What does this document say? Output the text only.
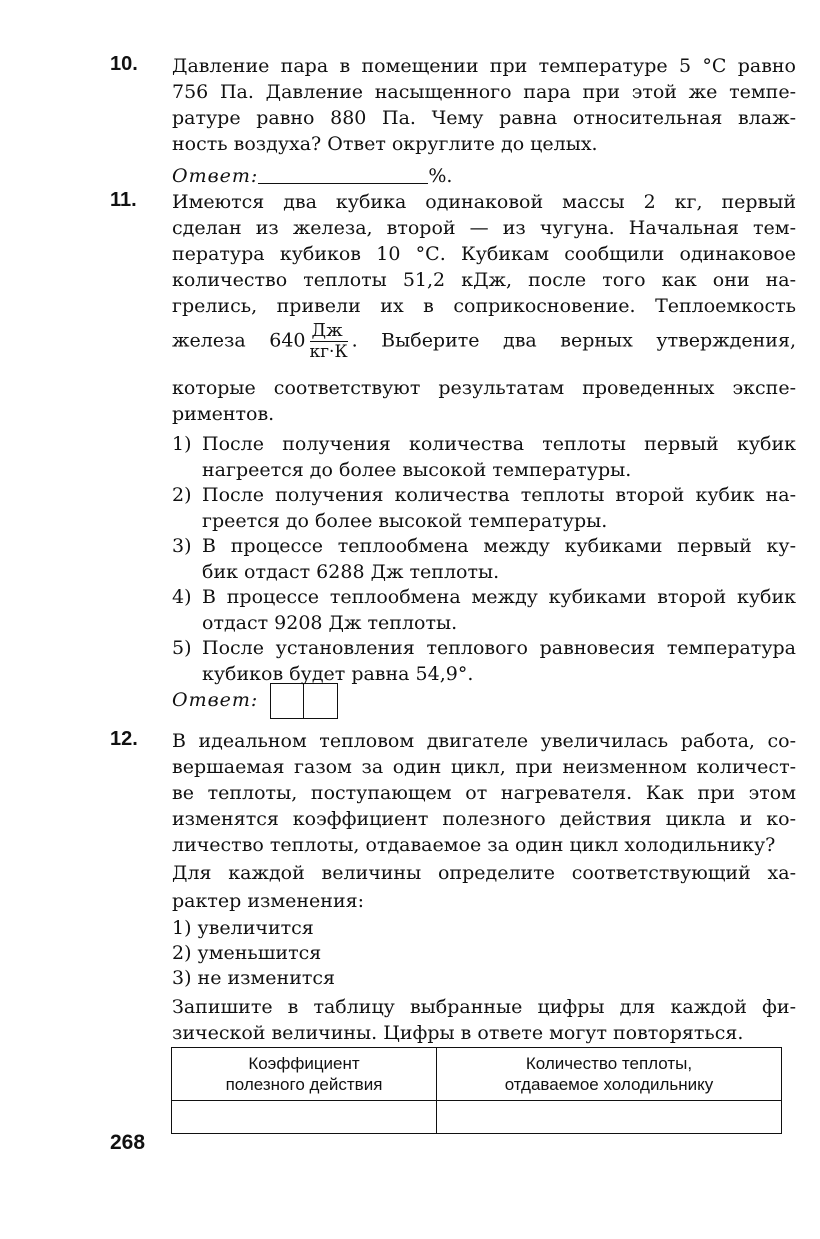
10. Давление пара в помещении при температуре 5 °С равно
756 Па. Давление насыщенного пара при этой же темпе-
ратуре равно 880 Па. Чему равна относительная влаж-
ность воздуха? Ответ округлите до целых.
Ответ:	%.
11. Имеются два кубика одинаковой массы 2 кг, первый
сделан из железа, второй — из чугуна. Начальная тем-
пература кубиков 10 °С. Кубикам сообщили одинаковое
количество теплоты 51,2 кДж, после того как они на-
грелись, привели их в соприкосновение. Теплоемкость
железа $640 \frac{Дж}{кг\cdot К}$ . Выберите два верных утверждения,
которые соответствуют результатам проведенных экспе-
риментов.
1) После получения количества теплоты первый кубик
нагреется до более высокой температуры.
2) После получения количества теплоты второй кубик на-
греется до более высокой температуры.
3) В процессе теплообмена между кубиками первый ку-
бик отдаст 6288 Дж теплоты.
4) В процессе теплообмена между кубиками второй кубик
отдаст 9208 Дж теплоты.
5) После установления теплового равновесия температура
кубиков будет равна 54,9°.
Ответ:
12. В идеальном тепловом двигателе увеличилась работа, со-
вершаемая газом за один цикл, при неизменном количест-
ве теплоты, поступающем от нагревателя. Как при этом
изменятся коэффициент полезного действия цикла и ко-
личество теплоты, отдаваемое за один цикл холодильнику?
Для каждой величины определите соответствующий ха-
рактер изменения:
1) увеличится
2) уменьшится
3) не изменится
Запишите в таблицу выбранные цифры для каждой фи-
зической величины. Цифры в ответе могут повторяться.
Коэффициент
полезного действия	Количество теплоты,
отдаваемое холодильнику

268
